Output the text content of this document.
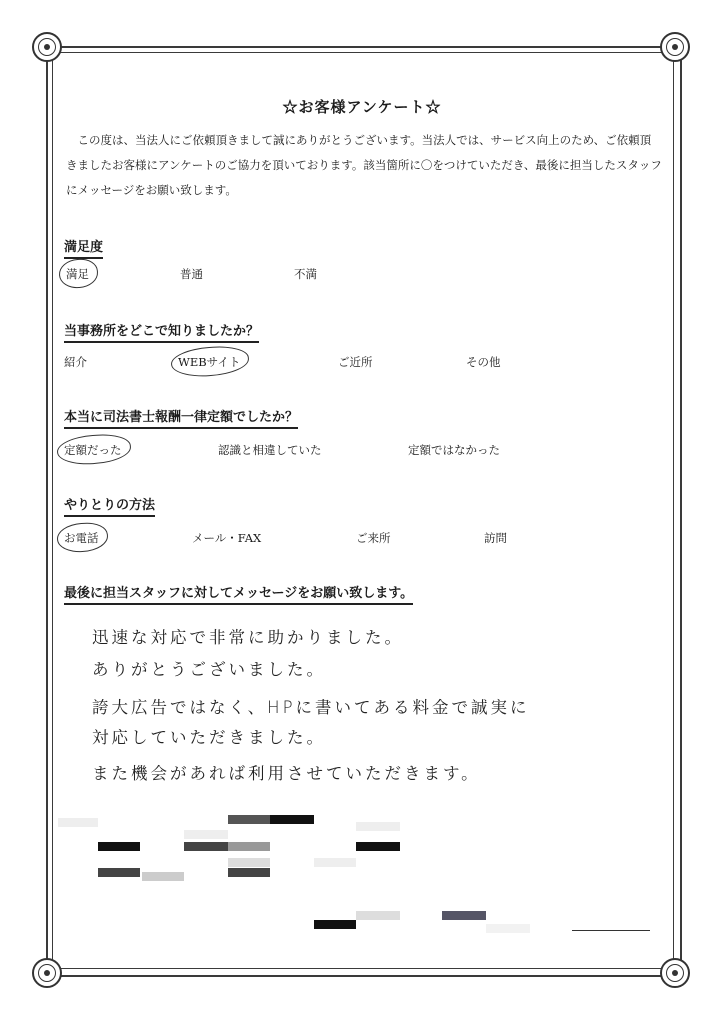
☆お客様アンケート☆
この度は、当法人にご依頼頂きまして誠にありがとうございます。当法人では、サービス向上のため、ご依頼頂きましたお客様にアンケートのご協力を頂いております。該当箇所に〇をつけていただき、最後に担当したスタッフにメッセージをお願い致します。
満足度
満足	普通	不満
当事務所をどこで知りましたか？
紹介	WEBサイト	ご近所	その他
本当に司法書士報酬一律定額でしたか？
定額だった	認識と相違していた	定額ではなかった
やりとりの方法
お電話	メール・FAX	ご来所	訪問
最後に担当スタッフに対してメッセージをお願い致します。
迅速な対応で非常に助かりました。
ありがとうございました。
誇大広告ではなく、HPに書いてある料金で誠実に
対応していただきました。
また機会があれば利用させていただきます。
